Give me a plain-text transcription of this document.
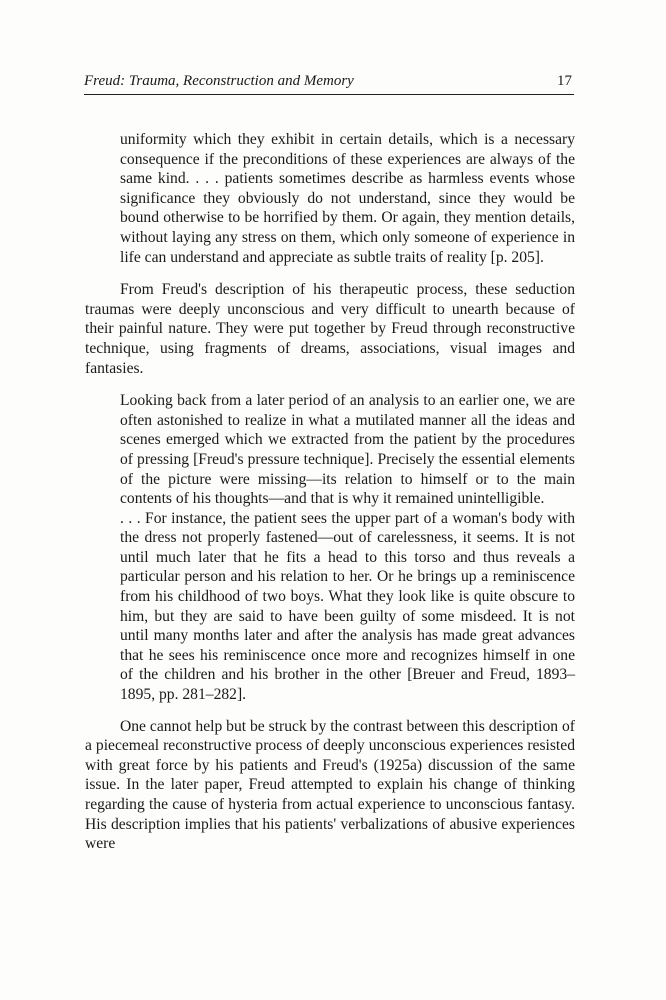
Freud: Trauma, Reconstruction and Memory	17

uniformity which they exhibit in certain details, which is a necessary consequence if the preconditions of these experiences are always of the same kind. . . . patients sometimes describe as harmless events whose significance they obviously do not understand, since they would be bound otherwise to be horrified by them. Or again, they mention details, without laying any stress on them, which only someone of experience in life can understand and appreciate as subtle traits of reality [p. 205].

From Freud's description of his therapeutic process, these seduction traumas were deeply unconscious and very difficult to unearth because of their painful nature. They were put together by Freud through reconstructive technique, using fragments of dreams, associations, visual images and fantasies.

Looking back from a later period of an analysis to an earlier one, we are often astonished to realize in what a mutilated manner all the ideas and scenes emerged which we extracted from the patient by the procedures of pressing [Freud's pressure technique]. Precisely the essential elements of the picture were missing—its relation to himself or to the main contents of his thoughts—and that is why it remained unintelligible.

. . . For instance, the patient sees the upper part of a woman's body with the dress not properly fastened—out of carelessness, it seems. It is not until much later that he fits a head to this torso and thus reveals a particular person and his relation to her. Or he brings up a reminiscence from his childhood of two boys. What they look like is quite obscure to him, but they are said to have been guilty of some misdeed. It is not until many months later and after the analysis has made great advances that he sees his reminiscence once more and recognizes himself in one of the children and his brother in the other [Breuer and Freud, 1893–1895, pp. 281–282].

One cannot help but be struck by the contrast between this description of a piecemeal reconstructive process of deeply unconscious experiences resisted with great force by his patients and Freud's (1925a) discussion of the same issue. In the later paper, Freud attempted to explain his change of thinking regarding the cause of hysteria from actual experience to unconscious fantasy. His description implies that his patients' verbalizations of abusive experiences were
